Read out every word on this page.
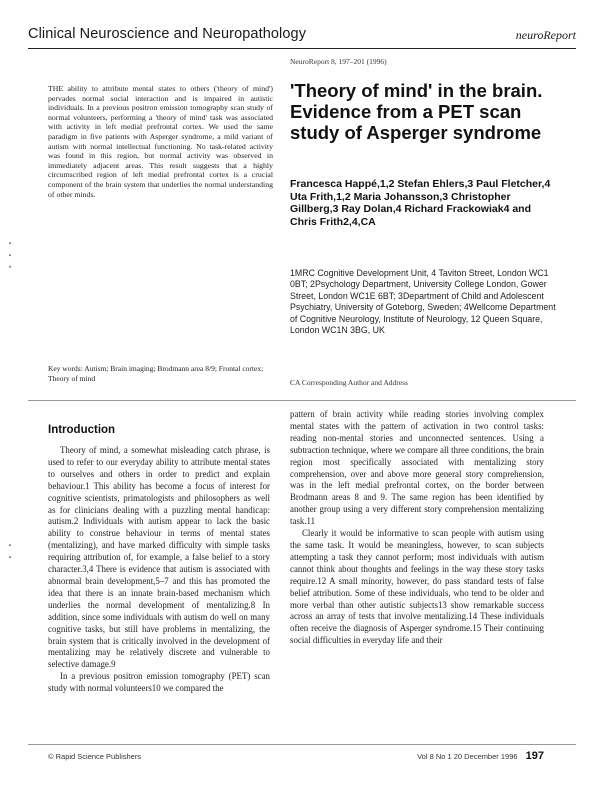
Clinical Neuroscience and Neuropathology	neuroReport
NeuroReport 8, 197–201 (1996)
THE ability to attribute mental states to others ('theory of mind') pervades normal social interaction and is impaired in autistic individuals. In a previous positron emission tomography scan study of normal volunteers, performing a 'theory of mind' task was associated with activity in left medial prefrontal cortex. We used the same paradigm in five patients with Asperger syndrome, a mild variant of autism with normal intellectual functioning. No task-related activity was found in this region, but normal activity was observed in immediately adjacent areas. This result suggests that a highly circumscribed region of left medial prefrontal cortex is a crucial component of the brain system that underlies the normal understanding of other minds.
▪ ▪ ▪
▪ ▪
'Theory of mind' in the brain. Evidence from a PET scan study of Asperger syndrome
Francesca Happé,1,2 Stefan Ehlers,3 Paul Fletcher,4 Uta Frith,1,2 Maria Johansson,3 Christopher Gillberg,3 Ray Dolan,4 Richard Frackowiak4 and Chris Frith2,4,CA
1MRC Cognitive Development Unit, 4 Taviton Street, London WC1 0BT; 2Psychology Department, University College London, Gower Street, London WC1E 6BT; 3Department of Child and Adolescent Psychiatry, University of Goteborg, Sweden; 4Wellcome Department of Cognitive Neurology, Institute of Neurology, 12 Queen Square, London WC1N 3BG, UK
Key words: Autism; Brain imaging; Brodmann area 8/9; Frontal cortex; Theory of mind	CA Corresponding Author and Address
Introduction

Theory of mind, a somewhat misleading catch phrase, is used to refer to our everyday ability to attribute mental states to ourselves and others in order to predict and explain behaviour.1 This ability has become a focus of interest for cognitive scientists, primatologists and philosophers as well as for clinicians dealing with a puzzling mental handicap: autism.2 Individuals with autism appear to lack the basic ability to construe behaviour in terms of mental states (mentalizing), and have marked difficulty with simple tasks requiring attribution of, for example, a false belief to a story character.3,4 There is evidence that autism is associated with abnormal brain development,5–7 and this has promoted the idea that there is an innate brain-based mechanism which underlies the normal development of mentalizing.8 In addition, since some individuals with autism do well on many cognitive tasks, but still have problems in mentalizing, the brain system that is critically involved in the development of mentalizing may be relatively discrete and vulnerable to selective damage.9

In a previous positron emission tomography (PET) scan study with normal volunteers10 we compared the

pattern of brain activity while reading stories involving complex mental states with the pattern of activation in two control tasks: reading non-mental stories and unconnected sentences. Using a subtraction technique, where we compare all three conditions, the brain region most specifically associated with mentalizing story comprehension, over and above more general story comprehension, was in the left medial prefrontal cortex, on the border between Brodmann areas 8 and 9. The same region has been identified by another group using a very different story comprehension mentalizing task.11

Clearly it would be informative to scan people with autism using the same task. It would be meaningless, however, to scan subjects attempting a task they cannot perform; most individuals with autism cannot think about thoughts and feelings in the way these story tasks require.12 A small minority, however, do pass standard tests of false belief attribution. Some of these individuals, who tend to be older and more verbal than other autistic subjects13 show remarkable success across an array of tests that involve mentalizing.14 These individuals often receive the diagnosis of Asperger syndrome.15 Their continuing social difficulties in everyday life and their

© Rapid Science Publishers	Vol 8 No 1 20 December 1996 197
